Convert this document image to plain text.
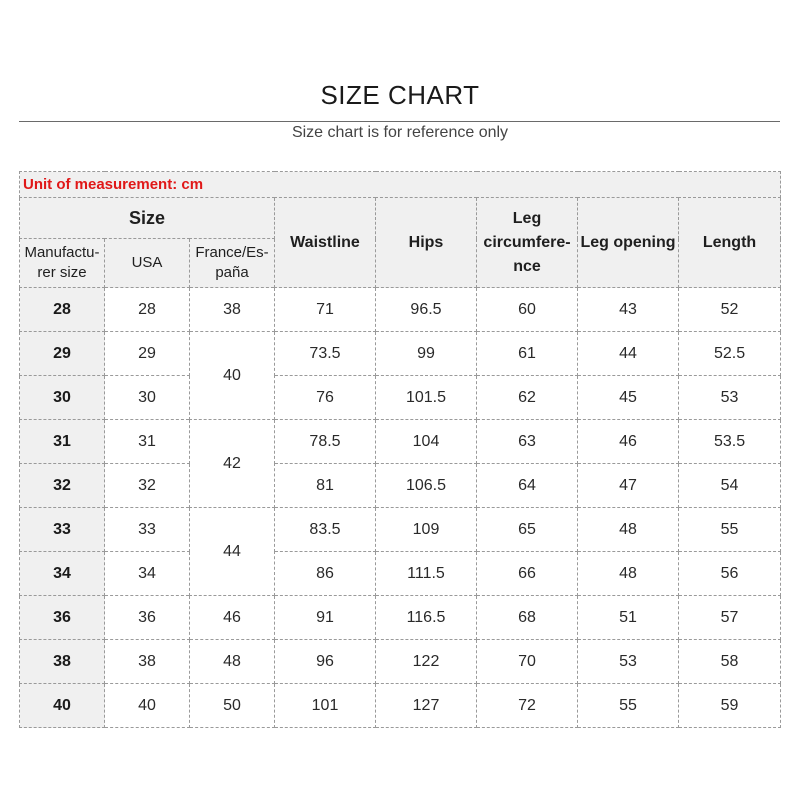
SIZE CHART
Size chart is for reference only
Unit of measurement: cm							
Size			Waistline	Hips	Leg circumference	Leg opening	Length
Manufacturer size	USA	France/España					
28	28	38	71	96.5	60	43	52
29	29	40	73.5	99	61	44	52.5
30	30		76	101.5	62	45	53
31	31	42	78.5	104	63	46	53.5
32	32		81	106.5	64	47	54
33	33	44	83.5	109	65	48	55
34	34		86	111.5	66	48	56
36	36	46	91	116.5	68	51	57
38	38	48	96	122	70	53	58
40	40	50	101	127	72	55	59
